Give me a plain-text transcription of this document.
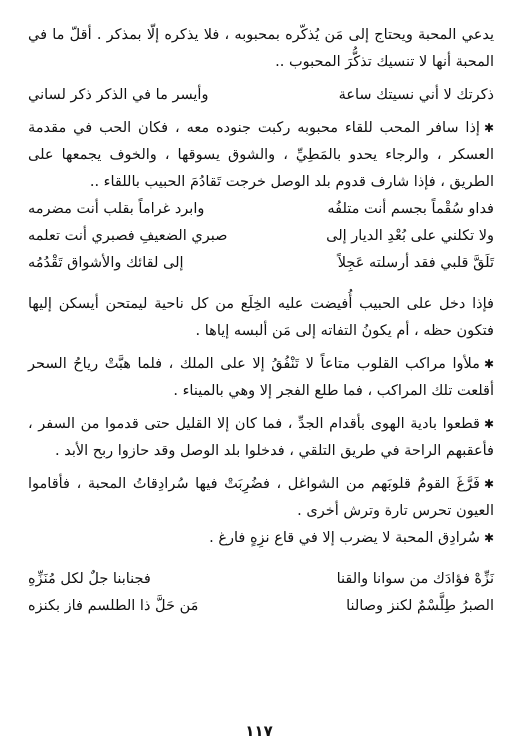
يدعي المحبة ويحتاج إلى مَن يُذكّره بمحبوبه ، فلا يذكره إلّا بمذكر . أقلّ ما في المحبة أنها لا تنسيك تذكُّرَ المحبوب ..

ذكرتك لا أني نسيتك ساعة
وأيسر ما في الذكر ذكر لساني

✱إذا سافر المحب للقاء محبوبه ركبت جنوده معه ، فكان الحب في مقدمة العسكر ، والرجاء يحدو بالمَطِيِّ ، والشوق يسوقها ، والخوف يجمعها على الطريق ، فإذا شارف قدوم بلد الوصل خرجت تَقادُمَ الحبيب باللقاء ..

فداو سُقْماً بجسم أنت متلفُه
وابرد غراماً بقلب أنت مضرمه
ولا تكلني على بُعْدِ الديار إلى
صبري الضعيفِ فصبري أنت تعلمه
تَلَقَّ قلبي فقد أرسلته عَجِلاً
إلى لقائك والأشواق تَقْدُمُه

فإذا دخل على الحبيب أُفيضت عليه الخِلَع من كل ناحية ليمتحن أيسكن إليها فتكون حظه ، أم يكونُ التفاته إلى مَن ألبسه إياها .

✱ملأوا مراكب القلوب متاعاً لا تَنْفُقُ إلا على الملك ، فلما هبَّتْ رياحُ السحر أقلعت تلك المراكب ، فما طلع الفجر إلا وهي بالميناء .

✱قطعوا بادية الهوى بأقدام الجدِّ ، فما كان إلا القليل حتى قدموا من السفر ، فأعقبهم الراحة في طريق التلقي ، فدخلوا بلد الوصل وقد حازوا ربح الأبد .

✱فَرَّغَ القومُ قلوبَهم من الشواغل ، فضُرِبَتْ فيها سُرادِقاتُ المحبة ، فأقاموا العيون تحرس تارة وترش أخرى .

✱سُرادِق المحبة لا يضرب إلا في قاع نزِهٍ فارغ .

نَزِّهْ فؤادَك من سوانا والقنا
فجنابنا جلٌ لكل مُنَزِّهِ
الصبرُ طِلَّسْمٌ لكنز وصالنا
مَن حَلَّ ذا الطلسم فاز بكنزه
١١٧
